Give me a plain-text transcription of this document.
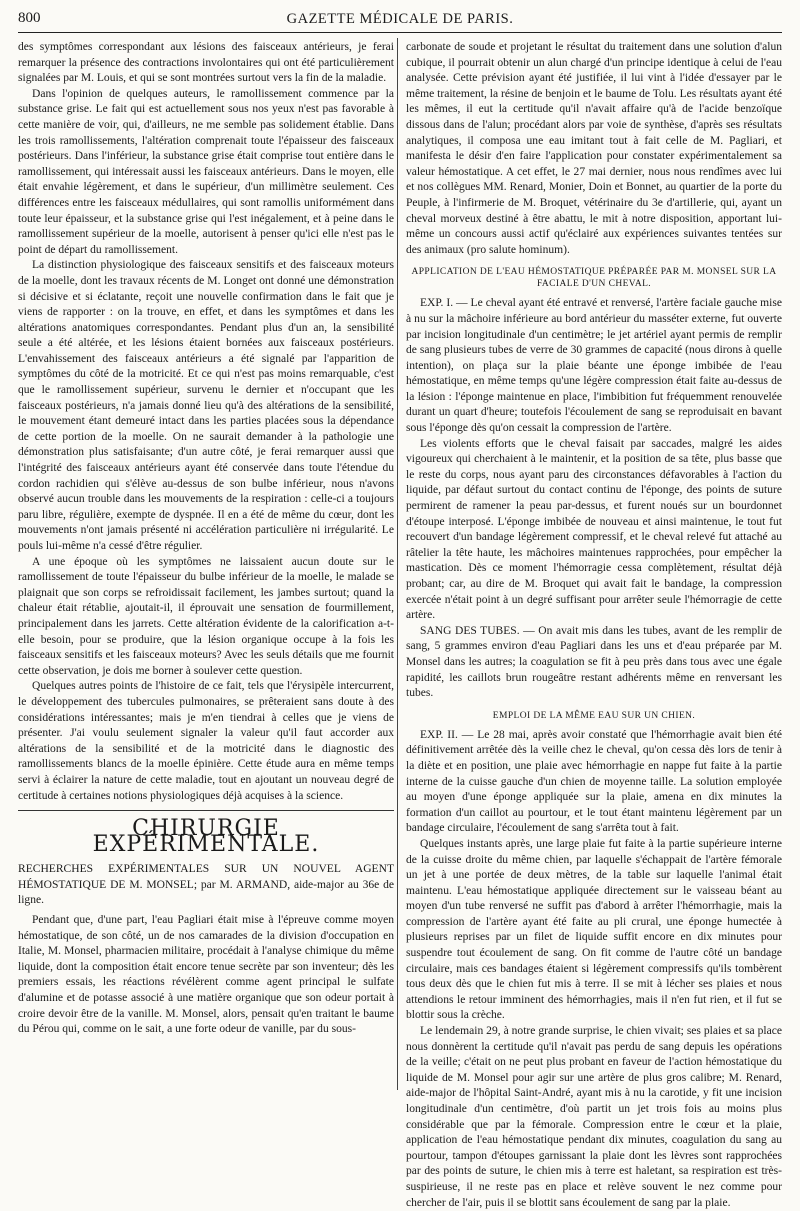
800	GAZETTE MÉDICALE DE PARIS.

des symptômes correspondant aux lésions des faisceaux antérieurs, je ferai remarquer la présence des contractions involontaires qui ont été particulièrement signalées par M. Louis, et qui se sont montrées surtout vers la fin de la maladie.

Dans l'opinion de quelques auteurs, le ramollissement commence par la substance grise. Le fait qui est actuellement sous nos yeux n'est pas favorable à cette manière de voir, qui, d'ailleurs, ne me semble pas solidement établie. Dans les trois ramollissements, l'altération comprenait toute l'épaisseur des faisceaux postérieurs. Dans l'inférieur, la substance grise était comprise tout entière dans le ramollissement, qui intéressait aussi les faisceaux antérieurs. Dans le moyen, elle était envahie légèrement, et dans le supérieur, d'un millimètre seulement. Ces différences entre les faisceaux médullaires, qui sont ramollis uniformément dans toute leur épaisseur, et la substance grise qui l'est inégalement, et à peine dans le ramollissement supérieur de la moelle, autorisent à penser qu'ici elle n'est pas le point de départ du ramollissement.

La distinction physiologique des faisceaux sensitifs et des faisceaux moteurs de la moelle, dont les travaux récents de M. Longet ont donné une démonstration si décisive et si éclatante, reçoit une nouvelle confirmation dans le fait que je viens de rapporter : on la trouve, en effet, et dans les symptômes et dans les altérations anatomiques correspondantes. Pendant plus d'un an, la sensibilité seule a été altérée, et les lésions étaient bornées aux faisceaux postérieurs. L'envahissement des faisceaux antérieurs a été signalé par l'apparition de symptômes du côté de la motricité. Et ce qui n'est pas moins remarquable, c'est que le ramollissement supérieur, survenu le dernier et n'occupant que les faisceaux postérieurs, n'a jamais donné lieu qu'à des altérations de la sensibilité, le mouvement étant demeuré intact dans les parties placées sous la dépendance de cette portion de la moelle. On ne saurait demander à la pathologie une démonstration plus satisfaisante; d'un autre côté, je ferai remarquer aussi que l'intégrité des faisceaux antérieurs ayant été conservée dans toute l'étendue du cordon rachidien qui s'élève au-dessus de son bulbe inférieur, nous n'avons observé aucun trouble dans les mouvements de la respiration : celle-ci a toujours paru libre, régulière, exempte de dyspnée. Il en a été de même du cœur, dont les mouvements n'ont jamais présenté ni accélération particulière ni irrégularité. Le pouls lui-même n'a cessé d'être régulier.

A une époque où les symptômes ne laissaient aucun doute sur le ramollissement de toute l'épaisseur du bulbe inférieur de la moelle, le malade se plaignait que son corps se refroidissait facilement, les jambes surtout; quand la chaleur était rétablie, ajoutait-il, il éprouvait une sensation de fourmillement, principalement dans les jarrets. Cette altération évidente de la calorification a-t-elle besoin, pour se produire, que la lésion organique occupe à la fois les faisceaux sensitifs et les faisceaux moteurs? Avec les seuls détails que me fournit cette observation, je dois me borner à soulever cette question.

Quelques autres points de l'histoire de ce fait, tels que l'érysipèle intercurrent, le développement des tubercules pulmonaires, se prêteraient sans doute à des considérations intéressantes; mais je m'en tiendrai à celles que je viens de présenter. J'ai voulu seulement signaler la valeur qu'il faut accorder aux altérations de la sensibilité et de la motricité dans le diagnostic des ramollissements blancs de la moelle épinière. Cette étude aura en même temps servi à éclairer la nature de cette maladie, tout en ajoutant un nouveau degré de certitude à certaines notions physiologiques déjà acquises à la science.

CHIRURGIE EXPÉRIMENTALE.

RECHERCHES EXPÉRIMENTALES SUR UN NOUVEL AGENT HÉMOSTATIQUE DE M. MONSEL; par M. ARMAND, aide-major au 36e de ligne.

Pendant que, d'une part, l'eau Pagliari était mise à l'épreuve comme moyen hémostatique, de son côté, un de nos camarades de la division d'occupation en Italie, M. Monsel, pharmacien militaire, procédait à l'analyse chimique du même liquide, dont la composition était encore tenue secrète par son inventeur; dès les premiers essais, les réactions révélèrent comme agent principal le sulfate d'alumine et de potasse associé à une matière organique que son odeur portait à croire devoir être de la vanille. M. Monsel, alors, pensait qu'en traitant le baume du Pérou qui, comme on le sait, a une forte odeur de vanille, par du sous-

carbonate de soude et projetant le résultat du traitement dans une solution d'alun cubique, il pourrait obtenir un alun chargé d'un principe identique à celui de l'eau analysée. Cette prévision ayant été justifiée, il lui vint à l'idée d'essayer par le même traitement, la résine de benjoin et le baume de Tolu. Les résultats ayant été les mêmes, il eut la certitude qu'il n'avait affaire qu'à de l'acide benzoïque dissous dans de l'alun; procédant alors par voie de synthèse, d'après ses résultats analytiques, il composa une eau imitant tout à fait celle de M. Pagliari, et manifesta le désir d'en faire l'application pour constater expérimentalement sa valeur hémostatique. A cet effet, le 27 mai dernier, nous nous rendîmes avec lui et nos collègues MM. Renard, Monier, Doin et Bonnet, au quartier de la porte du Peuple, à l'infirmerie de M. Broquet, vétérinaire du 3e d'artillerie, qui, ayant un cheval morveux destiné à être abattu, le mit à notre disposition, apportant lui-même un concours aussi actif qu'éclairé aux expériences suivantes tentées sur des animaux (pro salute hominum).

APPLICATION DE L'EAU HÉMOSTATIQUE PRÉPARÉE PAR M. MONSEL SUR LA FACIALE D'UN CHEVAL.

EXP. I. — Le cheval ayant été entravé et renversé, l'artère faciale gauche mise à nu sur la mâchoire inférieure au bord antérieur du masséter externe, fut ouverte par incision longitudinale d'un centimètre; le jet artériel ayant permis de remplir de sang plusieurs tubes de verre de 30 grammes de capacité (nous dirons à quelle intention), on plaça sur la plaie béante une éponge imbibée de l'eau hémostatique, en même temps qu'une légère compression était faite au-dessus de la lésion : l'éponge maintenue en place, l'imbibition fut fréquemment renouvelée durant un quart d'heure; toutefois l'écoulement de sang se reproduisait en bavant sous l'éponge dès qu'on cessait la compression de l'artère.

Les violents efforts que le cheval faisait par saccades, malgré les aides vigoureux qui cherchaient à le maintenir, et la position de sa tête, plus basse que le reste du corps, nous ayant paru des circonstances défavorables à l'action du liquide, par défaut surtout du contact continu de l'éponge, des points de suture permirent de ramener la peau par-dessus, et furent noués sur un bourdonnet d'étoupe interposé. L'éponge imbibée de nouveau et ainsi maintenue, le tout fut recouvert d'un bandage légèrement compressif, et le cheval relevé fut attaché au râtelier la tête haute, les mâchoires maintenues rapprochées, pour empêcher la mastication. Dès ce moment l'hémorragie cessa complètement, résultat déjà probant; car, au dire de M. Broquet qui avait fait le bandage, la compression exercée n'était point à un degré suffisant pour arrêter seule l'hémorragie de cette artère.

SANG DES TUBES. — On avait mis dans les tubes, avant de les remplir de sang, 5 grammes environ d'eau Pagliari dans les uns et d'eau préparée par M. Monsel dans les autres; la coagulation se fit à peu près dans tous avec une égale rapidité, les caillots brun rougeâtre restant adhérents même en renversant les tubes.

EMPLOI DE LA MÊME EAU SUR UN CHIEN.

EXP. II. — Le 28 mai, après avoir constaté que l'hémorrhagie avait bien été définitivement arrêtée dès la veille chez le cheval, qu'on cessa dès lors de tenir à la diète et en position, une plaie avec hémorrhagie en nappe fut faite à la partie interne de la cuisse gauche d'un chien de moyenne taille. La solution employée au moyen d'une éponge appliquée sur la plaie, amena en dix minutes la formation d'un caillot au pourtour, et le tout étant maintenu légèrement par un bandage circulaire, l'écoulement de sang s'arrêta tout à fait.

Quelques instants après, une large plaie fut faite à la partie supérieure interne de la cuisse droite du même chien, par laquelle s'échappait de l'artère fémorale un jet à une portée de deux mètres, de la table sur laquelle l'animal était maintenu. L'eau hémostatique appliquée directement sur le vaisseau béant au moyen d'un tube renversé ne suffit pas d'abord à arrêter l'hémorrhagie, mais la compression de l'artère ayant été faite au pli crural, une éponge humectée à plusieurs reprises par un filet de liquide suffit encore en dix minutes pour suspendre tout écoulement de sang. On fit comme de l'autre côté un bandage circulaire, mais ces bandages étaient si légèrement compressifs qu'ils tombèrent tous deux dès que le chien fut mis à terre. Il se mit à lécher ses plaies et nous attendions le retour imminent des hémorrhagies, mais il n'en fut rien, et il fut se blottir sous la crèche.

Le lendemain 29, à notre grande surprise, le chien vivait; ses plaies et sa place nous donnèrent la certitude qu'il n'avait pas perdu de sang depuis les opérations de la veille; c'était on ne peut plus probant en faveur de l'action hémostatique du liquide de M. Monsel pour agir sur une artère de plus gros calibre; M. Renard, aide-major de l'hôpital Saint-André, ayant mis à nu la carotide, y fit une incision longitudinale d'un centimètre, d'où partit un jet trois fois au moins plus considérable que par la fémorale. Compression entre le cœur et la plaie, application de l'eau hémostatique pendant dix minutes, coagulation du sang au pourtour, tampon d'étoupes garnissant la plaie dont les lèvres sont rapprochées par des points de suture, le chien mis à terre est haletant, sa respiration est très-suspirieuse, il ne reste pas en place et relève souvent le nez comme pour chercher de l'air, puis il se blottit sans écoulement de sang par la plaie.
